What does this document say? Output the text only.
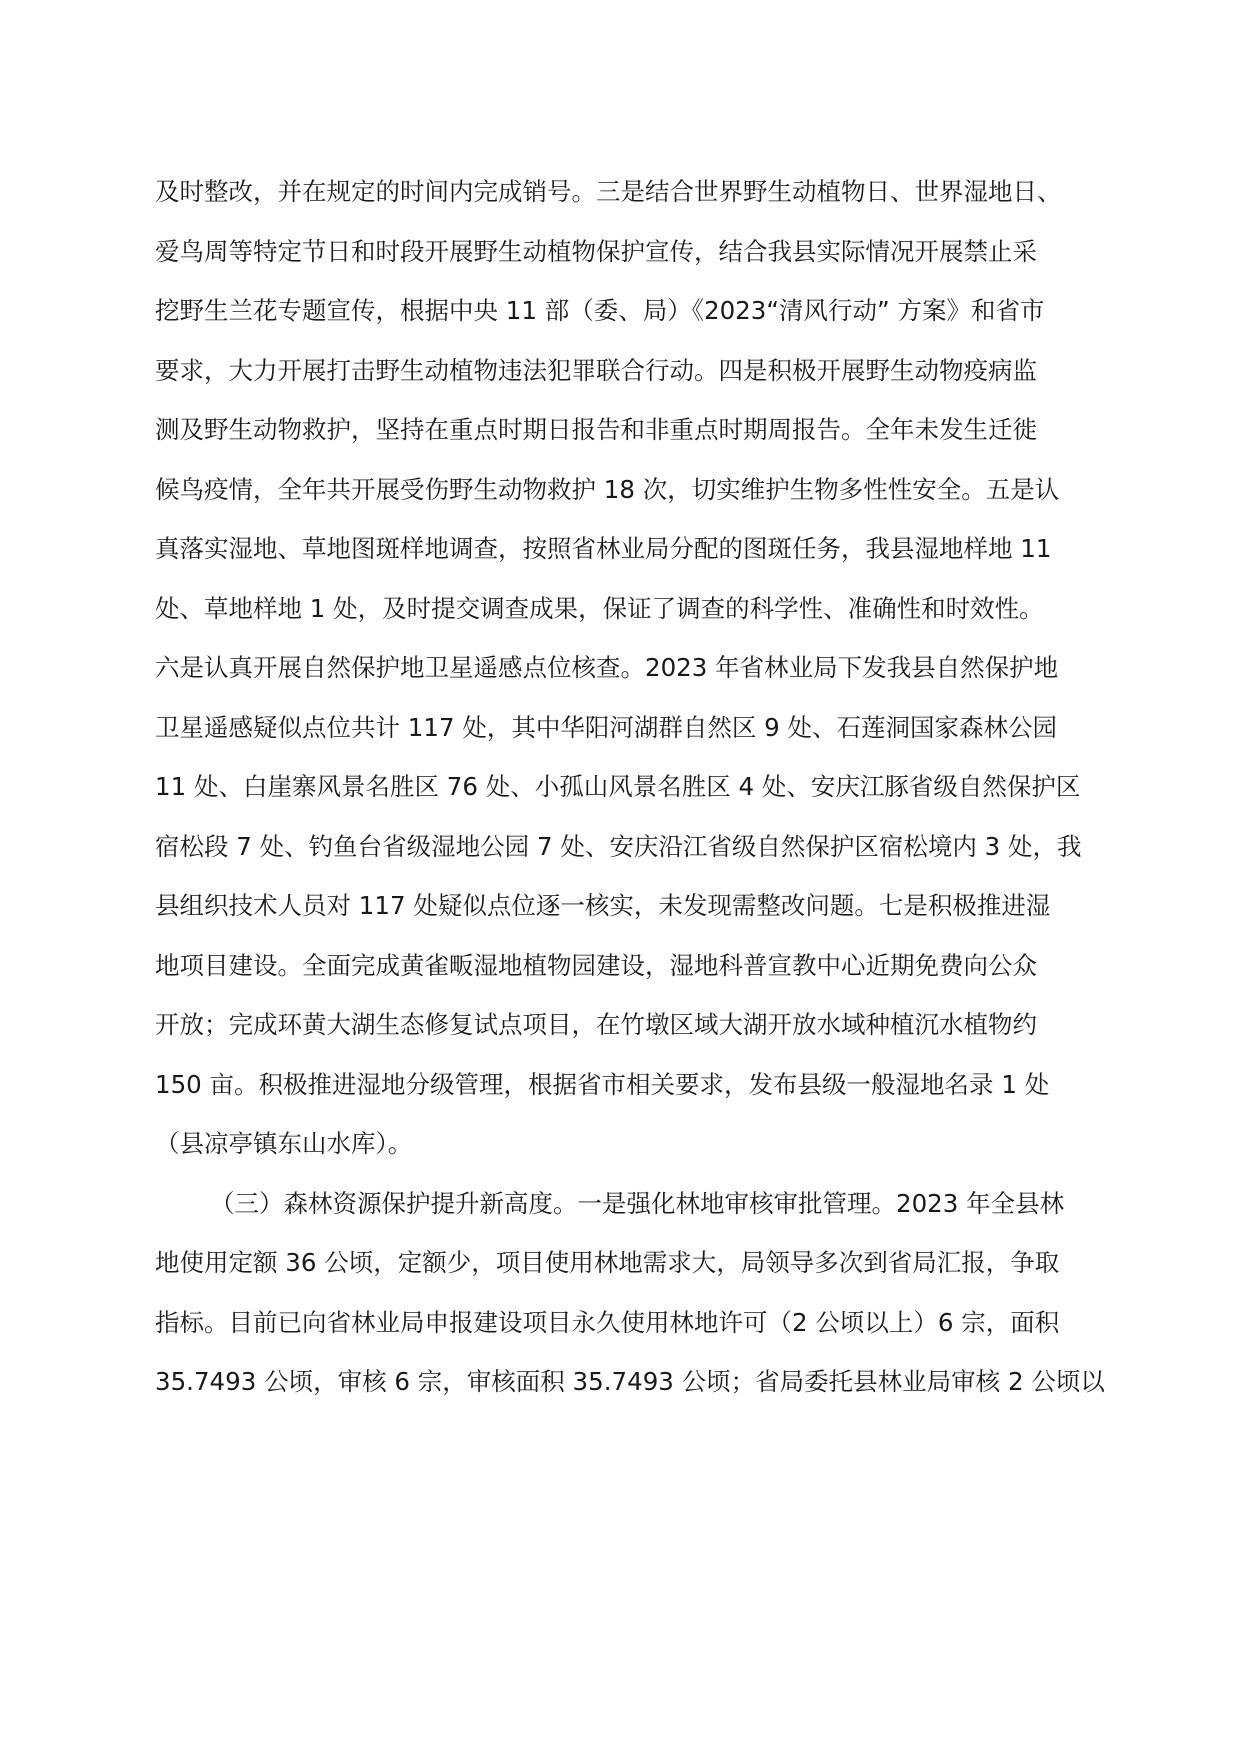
及时整改，并在规定的时间内完成销号。三是结合世界野生动植物日、世界湿地日、
爱鸟周等特定节日和时段开展野生动植物保护宣传，结合我县实际情况开展禁止采
挖野生兰花专题宣传，根据中央 11 部（委、局）《2023“清风行动” 方案》和省市
要求，大力开展打击野生动植物违法犯罪联合行动。四是积极开展野生动物疫病监
测及野生动物救护，坚持在重点时期日报告和非重点时期周报告。全年未发生迁徙
候鸟疫情，全年共开展受伤野生动物救护 18 次，切实维护生物多性性安全。五是认
真落实湿地、草地图斑样地调查，按照省林业局分配的图斑任务，我县湿地样地 11
处、草地样地 1 处，及时提交调查成果，保证了调查的科学性、准确性和时效性。
六是认真开展自然保护地卫星遥感点位核查。2023 年省林业局下发我县自然保护地
卫星遥感疑似点位共计 117 处，其中华阳河湖群自然区 9 处、石莲洞国家森林公园
11 处、白崖寨风景名胜区 76 处、小孤山风景名胜区 4 处、安庆江豚省级自然保护区
宿松段 7 处、钓鱼台省级湿地公园 7 处、安庆沿江省级自然保护区宿松境内 3 处，我
县组织技术人员对 117 处疑似点位逐一核实，未发现需整改问题。七是积极推进湿
地项目建设。全面完成黄雀畈湿地植物园建设，湿地科普宣教中心近期免费向公众
开放；完成环黄大湖生态修复试点项目，在竹墩区域大湖开放水域种植沉水植物约
150 亩。积极推进湿地分级管理，根据省市相关要求，发布县级一般湿地名录 1 处
（县凉亭镇东山水库）。
（三）森林资源保护提升新高度。一是强化林地审核审批管理。2023 年全县林
地使用定额 36 公顷，定额少，项目使用林地需求大，局领导多次到省局汇报，争取
指标。目前已向省林业局申报建设项目永久使用林地许可（2 公顷以上）6 宗，面积
35.7493 公顷，审核 6 宗，审核面积 35.7493 公顷；省局委托县林业局审核 2 公顷以
